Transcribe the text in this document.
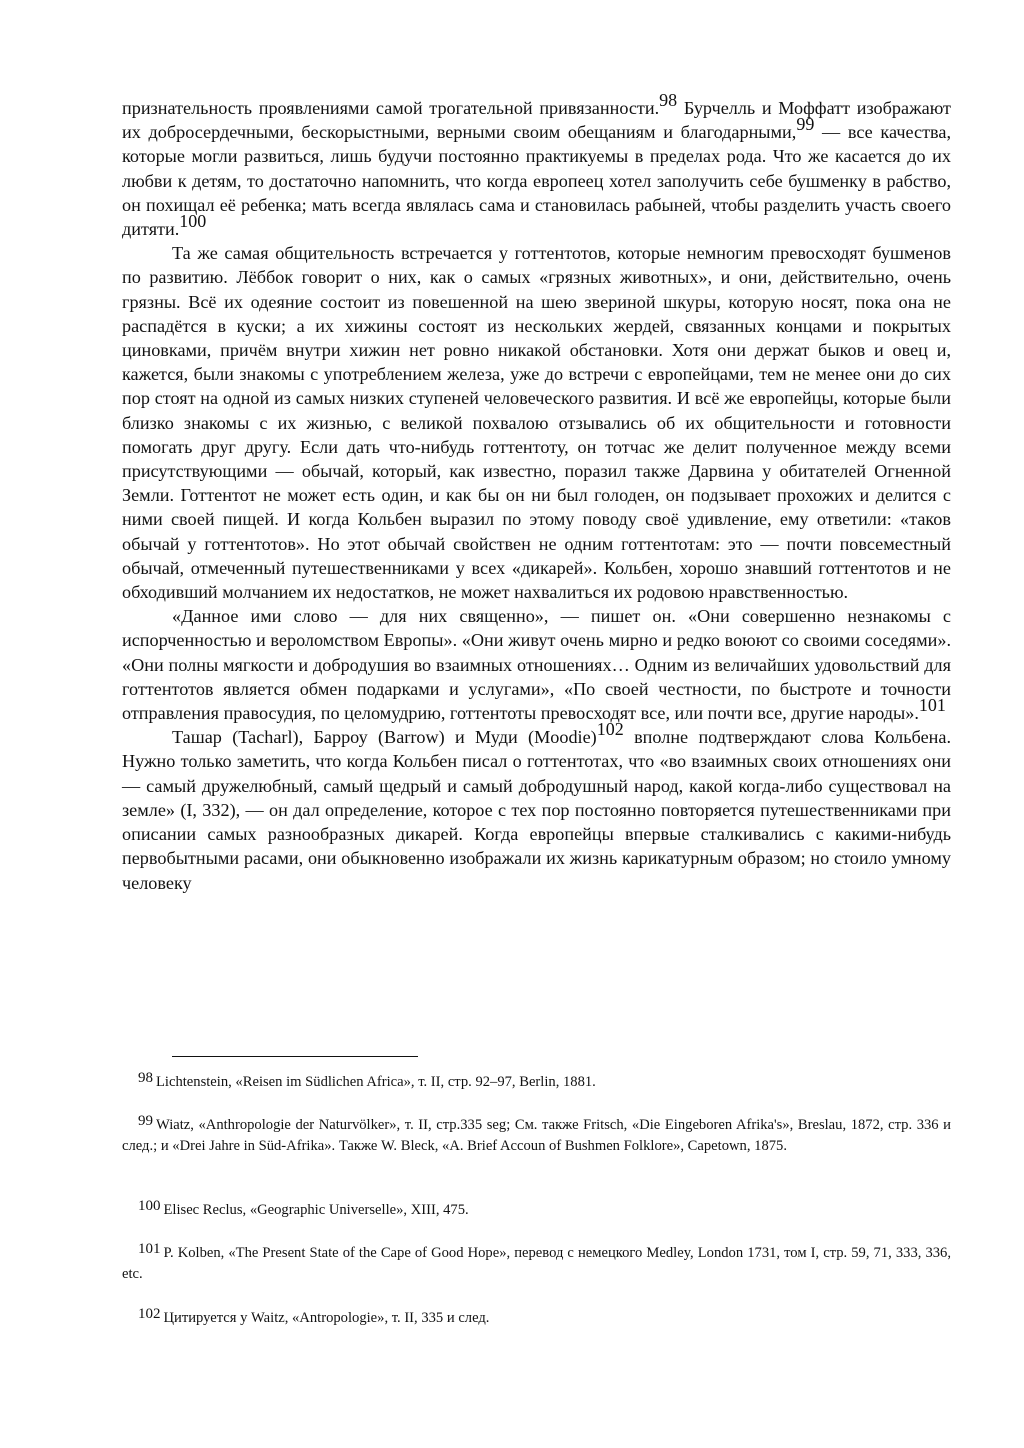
признательность проявлениями самой трогательной привязанности.98 Бурчелль и Моффатт изображают их добросердечными, бескорыстными, верными своим обещаниям и благодарными,99 — все качества, которые могли развиться, лишь будучи постоянно практикуемы в пределах рода. Что же касается до их любви к детям, то достаточно напомнить, что когда европеец хотел заполучить себе бушменку в рабство, он похищал её ребенка; мать всегда являлась сама и становилась рабыней, чтобы разделить участь своего дитяти.100

Та же самая общительность встречается у готтентотов, которые немногим превосходят бушменов по развитию. Лёббок говорит о них, как о самых «грязных животных», и они, действительно, очень грязны. Всё их одеяние состоит из повешенной на шею звериной шкуры, которую носят, пока она не распадётся в куски; а их хижины состоят из нескольких жердей, связанных концами и покрытых циновками, причём внутри хижин нет ровно никакой обстановки. Хотя они держат быков и овец и, кажется, были знакомы с употреблением железа, уже до встречи с европейцами, тем не менее они до сих пор стоят на одной из самых низких ступеней человеческого развития. И всё же европейцы, которые были близко знакомы с их жизнью, с великой похвалою отзывались об их общительности и готовности помогать друг другу. Если дать что-нибудь готтентоту, он тотчас же делит полученное между всеми присутствующими — обычай, который, как известно, поразил также Дарвина у обитателей Огненной Земли. Готтентот не может есть один, и как бы он ни был голоден, он подзывает прохожих и делится с ними своей пищей. И когда Кольбен выразил по этому поводу своё удивление, ему ответили: «таков обычай у готтентотов». Но этот обычай свойствен не одним готтентотам: это — почти повсеместный обычай, отмеченный путешественниками у всех «дикарей». Кольбен, хорошо знавший готтентотов и не обходивший молчанием их недостатков, не может нахвалиться их родовою нравственностью.

«Данное ими слово — для них священно», — пишет он. «Они совершенно незнакомы с испорченностью и вероломством Европы». «Они живут очень мирно и редко воюют со своими соседями». «Они полны мягкости и добродушия во взаимных отношениях… Одним из величайших удовольствий для готтентотов является обмен подарками и услугами», «По своей честности, по быстроте и точности отправления правосудия, по целомудрию, готтентоты превосходят все, или почти все, другие народы».101

Ташар (Tacharl), Барроу (Barrow) и Муди (Moodie)102 вполне подтверждают слова Кольбена. Нужно только заметить, что когда Кольбен писал о готтентотах, что «во взаимных своих отношениях они — самый дружелюбный, самый щедрый и самый добродушный народ, какой когда-либо существовал на земле» (I, 332), — он дал определение, которое с тех пор постоянно повторяется путешественниками при описании самых разнообразных дикарей. Когда европейцы впервые сталкивались с какими-нибудь первобытными расами, они обыкновенно изображали их жизнь карикатурным образом; но стоило умному человеку

98 Lichtenstein, «Reisen im Südlichen Africa», т. II, стр. 92–97, Berlin, 1881.
99 Wiatz, «Anthropologie der Naturvölker», т. II, стр.335 seg; См. также Fritsch, «Die Eingeboren Afrika's», Breslau, 1872, стр. 336 и след.; и «Drei Jahre in Süd-Afrika». Также W. Bleck, «A. Brief Accoun of Bushmen Folklore», Capetown, 1875.
100 Elisec Reclus, «Geographic Universelle», XIII, 475.
101 P. Kolben, «The Present State of the Cape of Good Hope», перевод с немецкого Medley, London 1731, том I, стр. 59, 71, 333, 336, etc.
102 Цитируется у Waitz, «Antropologie», т. II, 335 и след.
